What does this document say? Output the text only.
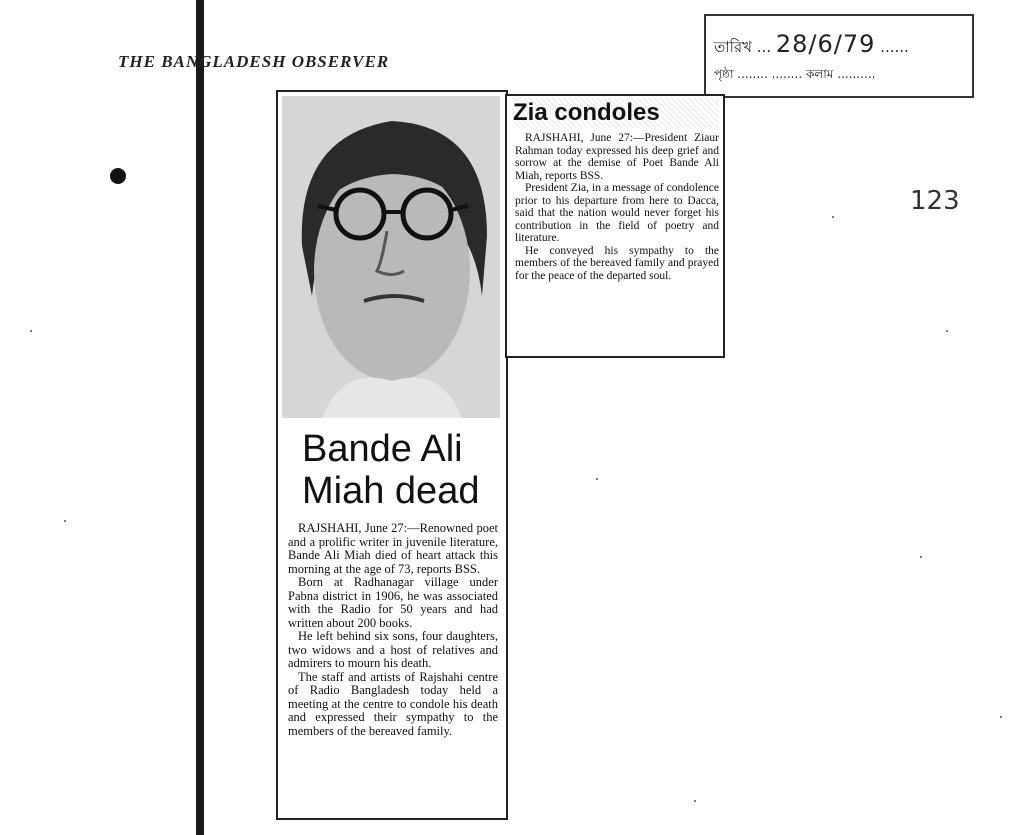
THE BANGLADESH OBSERVER
তারিখ ... 28/6/79 ......
পৃষ্ঠা ........ ........ কলাম ..........
123
Bande Ali
Miah dead

RAJSHAHI, June 27:—Renowned poet and a prolific writer in juvenile literature, Bande Ali Miah died of heart attack this morning at the age of 73, reports BSS.

Born at Radhanagar village under Pabna district in 1906, he was associated with the Radio for 50 years and had written about 200 books.

He left behind six sons, four daughters, two widows and a host of relatives and admirers to mourn his death.

The staff and artists of Rajshahi centre of Radio Bangladesh today held a meeting at the centre to condole his death and expressed their sympathy to the members of the bereaved family.

Zia condoles

RAJSHAHI, June 27:—President Ziaur Rahman today expressed his deep grief and sorrow at the demise of Poet Bande Ali Miah, reports BSS.

President Zia, in a message of condolence prior to his departure from here to Dacca, said that the nation would never forget his contribution in the field of poetry and literature.

He conveyed his sympathy to the members of the bereaved family and prayed for the peace of the departed soul.
